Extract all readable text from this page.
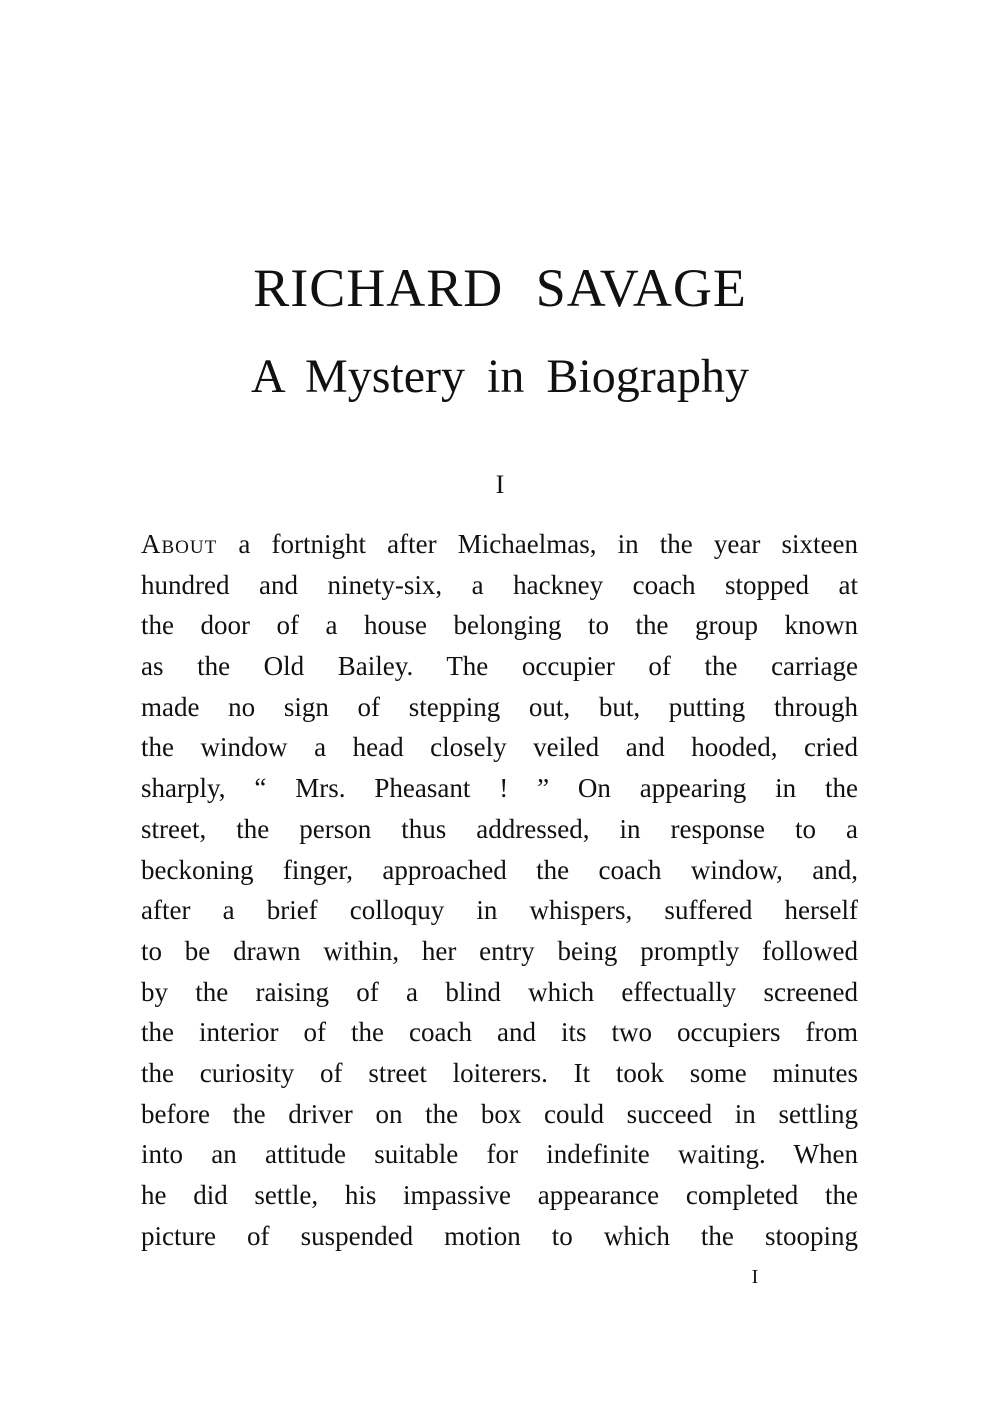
RICHARD SAVAGE
A Mystery in Biography
I
About a fortnight after Michaelmas, in the year sixteen
hundred and ninety-six, a hackney coach stopped at
the door of a house belonging to the group known
as the Old Bailey. The occupier of the carriage
made no sign of stepping out, but, putting through
the window a head closely veiled and hooded, cried
sharply, “ Mrs. Pheasant ! ” On appearing in the
street, the person thus addressed, in response to a
beckoning finger, approached the coach window, and,
after a brief colloquy in whispers, suffered herself
to be drawn within, her entry being promptly followed
by the raising of a blind which effectually screened
the interior of the coach and its two occupiers from
the curiosity of street loiterers. It took some minutes
before the driver on the box could succeed in settling
into an attitude suitable for indefinite waiting. When
he did settle, his impassive appearance completed the
picture of suspended motion to which the stooping
I
